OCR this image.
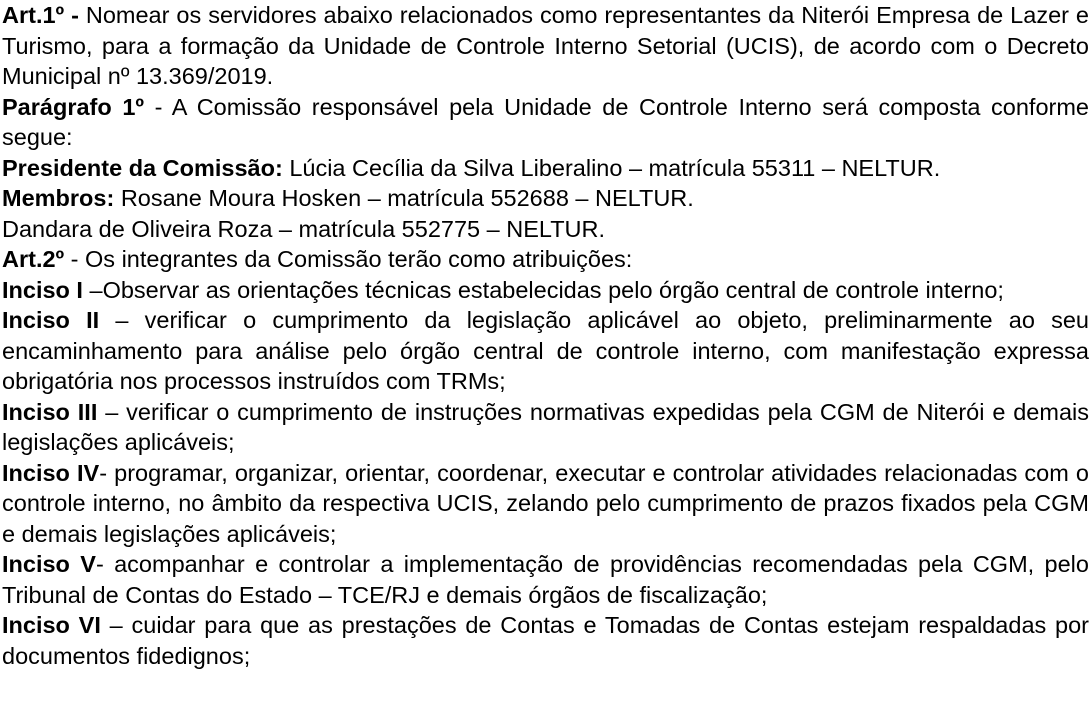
Art.1º - Nomear os servidores abaixo relacionados como representantes da Niterói Empresa de Lazer e Turismo, para a formação da Unidade de Controle Interno Setorial (UCIS), de acordo com o Decreto Municipal nº 13.369/2019.

Parágrafo 1º - A Comissão responsável pela Unidade de Controle Interno será composta conforme segue:

Presidente da Comissão: Lúcia Cecília da Silva Liberalino – matrícula 55311 – NELTUR.

Membros: Rosane Moura Hosken – matrícula 552688 – NELTUR.

Dandara de Oliveira Roza – matrícula 552775 – NELTUR.

Art.2º - Os integrantes da Comissão terão como atribuições:

Inciso I –Observar as orientações técnicas estabelecidas pelo órgão central de controle interno;

Inciso II – verificar o cumprimento da legislação aplicável ao objeto, preliminarmente ao seu encaminhamento para análise pelo órgão central de controle interno, com manifestação expressa obrigatória nos processos instruídos com TRMs;

Inciso III – verificar o cumprimento de instruções normativas expedidas pela CGM de Niterói e demais legislações aplicáveis;

Inciso IV- programar, organizar, orientar, coordenar, executar e controlar atividades relacionadas com o controle interno, no âmbito da respectiva UCIS, zelando pelo cumprimento de prazos fixados pela CGM e demais legislações aplicáveis;

Inciso V- acompanhar e controlar a implementação de providências recomendadas pela CGM, pelo Tribunal de Contas do Estado – TCE/RJ e demais órgãos de fiscalização;

Inciso VI – cuidar para que as prestações de Contas e Tomadas de Contas estejam respaldadas por documentos fidedignos;
